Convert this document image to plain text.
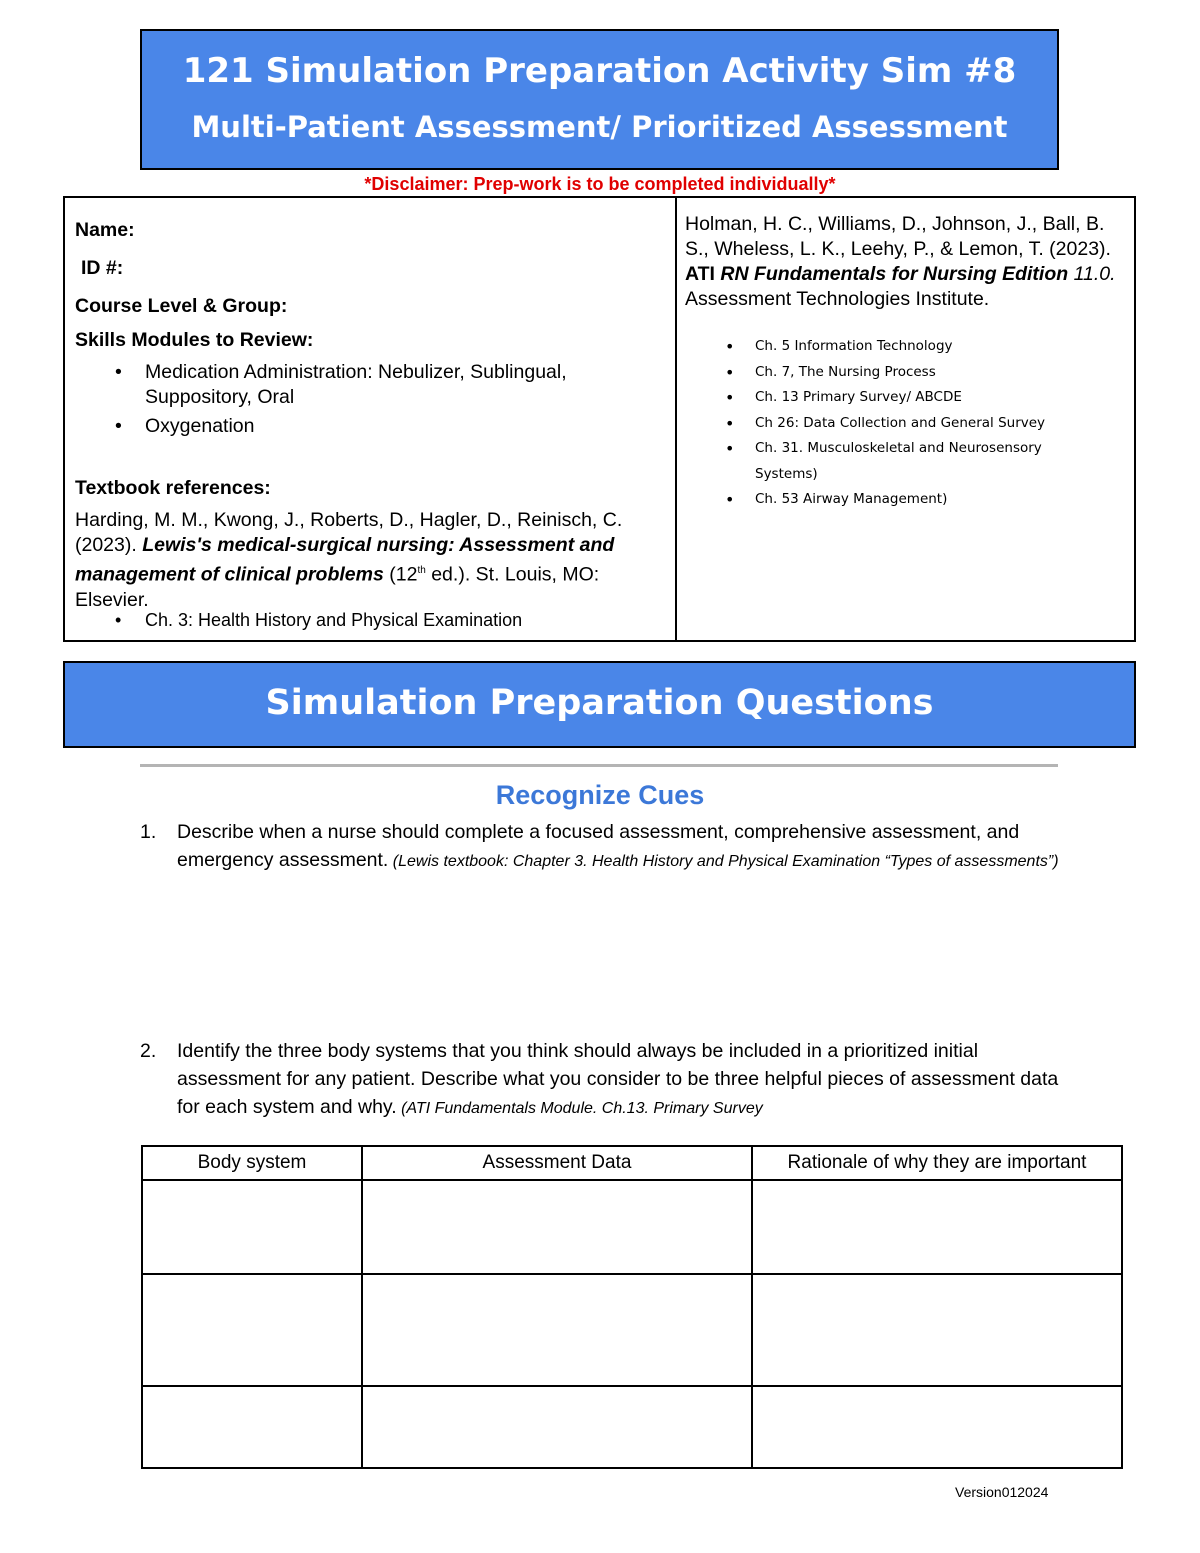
121 Simulation Preparation Activity Sim #8
Multi-Patient Assessment/ Prioritized Assessment
*Disclaimer: Prep-work is to be completed individually*
Name:
ID #:
Course Level & Group:
Skills Modules to Review:
• Medication Administration: Nebulizer, Sublingual, Suppository, Oral
• Oxygenation
Textbook references:
Harding, M. M., Kwong, J., Roberts, D., Hagler, D., Reinisch, C. (2023). Lewis's medical-surgical nursing: Assessment and management of clinical problems (12th ed.). St. Louis, MO: Elsevier.
• Ch. 3: Health History and Physical Examination
Holman, H. C., Williams, D., Johnson, J., Ball, B. S., Wheless, L. K., Leehy, P., & Lemon, T. (2023). ATI RN Fundamentals for Nursing Edition 11.0. Assessment Technologies Institute.
• Ch. 5 Information Technology
• Ch. 7, The Nursing Process
• Ch. 13 Primary Survey/ ABCDE
• Ch 26: Data Collection and General Survey
• Ch. 31. Musculoskeletal and Neurosensory Systems)
• Ch. 53 Airway Management)
Simulation Preparation Questions
Recognize Cues
1. Describe when a nurse should complete a focused assessment, comprehensive assessment, and emergency assessment. (Lewis textbook: Chapter 3. Health History and Physical Examination “Types of assessments”)
2. Identify the three body systems that you think should always be included in a prioritized initial assessment for any patient. Describe what you consider to be three helpful pieces of assessment data for each system and why. (ATI Fundamentals Module. Ch.13. Primary Survey
Body system	Assessment Data	Rationale of why they are important

Version012024
